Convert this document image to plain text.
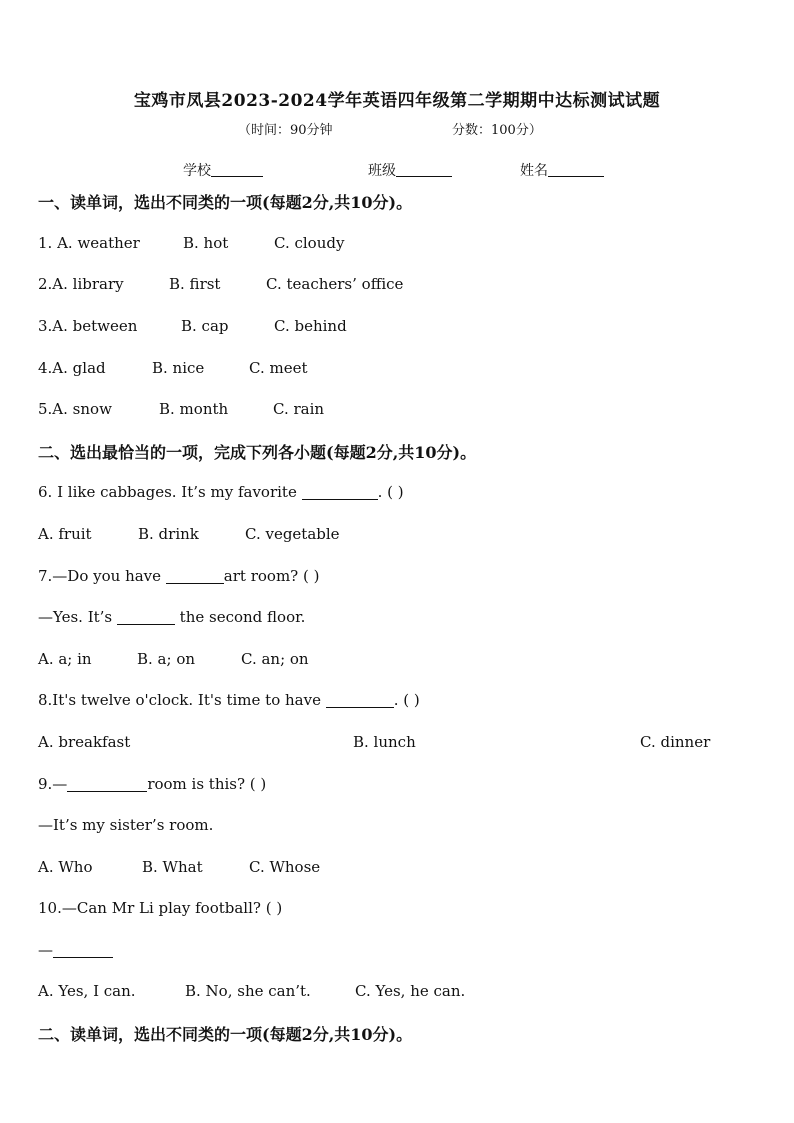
宝鸡市凤县2023-2024学年英语四年级第二学期期中达标测试试题
（时间：90分钟	分数：100分）
学校	班级	姓名
一、读单词，选出不同类的一项(每题2分,共10分)。
1. A. weather	B. hot	C. cloudy
2.A. library	B. first	C. teachers’ office
3.A. between	B. cap	C. behind
4.A. glad	B. nice	C. meet
5.A. snow	B. month	C. rain
二、选出最恰当的一项，完成下列各小题(每题2分,共10分)。
6. I like cabbages. It’s my favorite	. ( )
A. fruit	B. drink	C. vegetable
7.—Do you have	art room? ( )
—Yes. It’s	the second floor.
A. a; in	B. a; on	C. an; on
8.It's twelve o'clock. It's time to have	. ( )
A. breakfast	B. lunch	C. dinner
9.—	room is this? ( )
—It’s my sister’s room.
A. Who	B. What	C. Whose
10.—Can Mr Li play football? ( )
—
A. Yes, I can.	B. No, she can’t.	C. Yes, he can.
二、读单词，选出不同类的一项(每题2分,共10分)。
